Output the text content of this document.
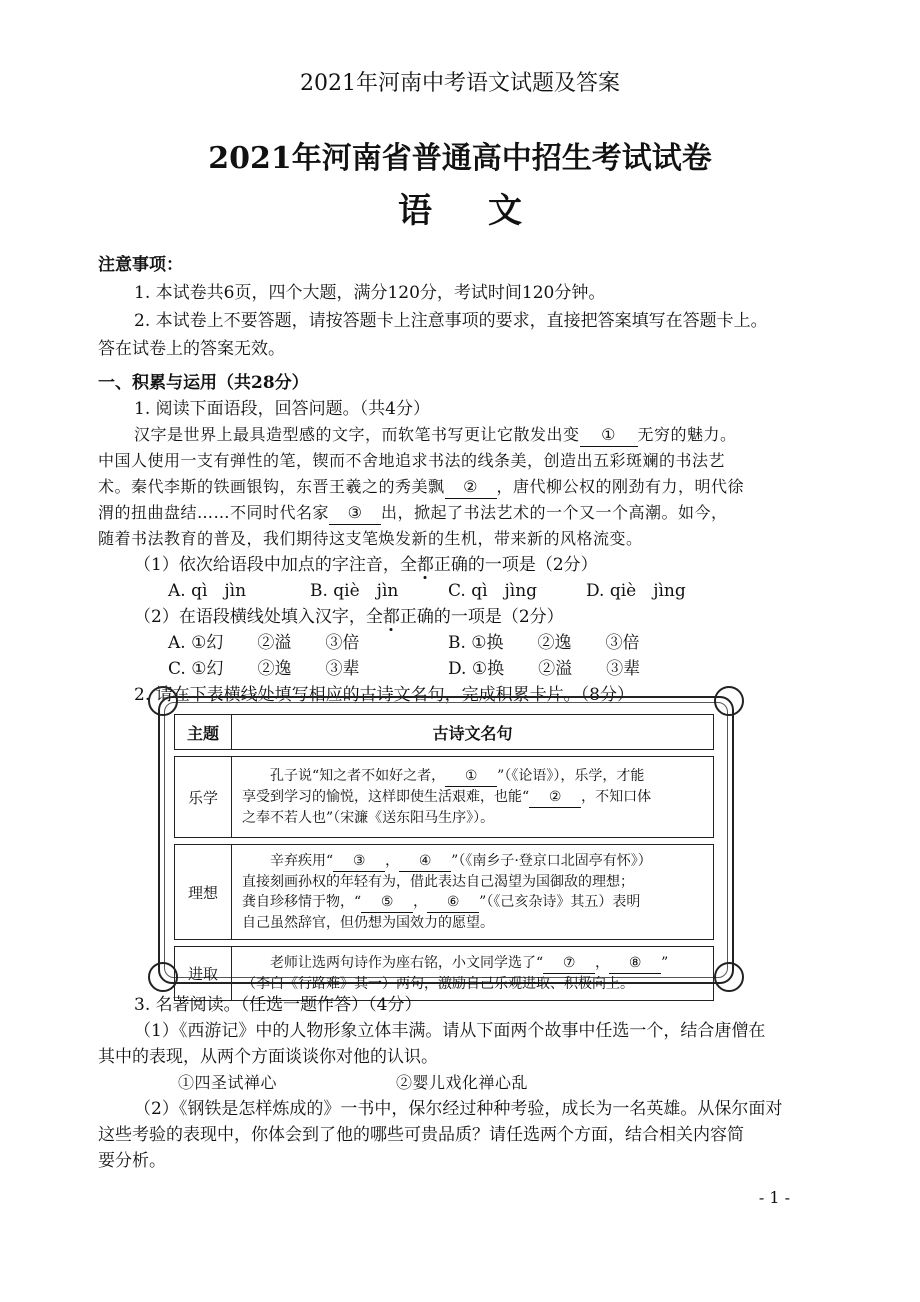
2021年河南中考语文试题及答案
2021年河南省普通高中招生考试试卷
语文
注意事项：
1. 本试卷共6页，四个大题，满分120分，考试时间120分钟。
2. 本试卷上不要答题，请按答题卡上注意事项的要求，直接把答案填写在答题卡上。
答在试卷上的答案无效。
一、积累与运用（共28分）
1. 阅读下面语段，回答问题。（共4分）
汉字是世界上最具造型感的文字，而软笔书写更让它散发出变 ① 无穷的魅力。
中国人使用一支有弹性的笔，锲而不舍地追求书法的线条美，创造出五彩斑斓的书法艺
术。秦代李斯的铁画银钩，东晋王羲之的秀美飘 ② ，唐代柳公权的刚劲有力，明代徐
渭的扭曲盘结……不同时代名家 ③ 出，掀起了书法艺术的一个又一个高潮。如今，
随着书法教育的普及，我们期待这支笔焕发新的生机，带来新的风格流变。
（1）依次给语段中加点的字注音，全都正确的一项是（2分）
A. qì　jìn	B. qiè　jìn	C. qì　jìng	D. qiè　jìng
（2）在语段横线处填入汉字，全都正确的一项是（2分）
A. ①幻　　②溢　　③倍	B. ①换　　②逸　　③倍
C. ①幻　　②逸　　③辈	D. ①换　　②溢　　③辈
2. 请在下表横线处填写相应的古诗文名句，完成积累卡片。（8分）
主题	古诗文名句

乐学	孔子说“知之者不如好之者， ① ”（《论语》），乐学，才能
享受到学习的愉悦，这样即使生活艰难，也能“ ② ，不知口体
之奉不若人也”（宋濂《送东阳马生序》）。

理想	辛弃疾用“ ③ ， ④ ”（《南乡子·登京口北固亭有怀》）
直接刻画孙权的年轻有为，借此表达自己渴望为国御敌的理想；
龚自珍移情于物，“ ⑤ ， ⑥ ”（《己亥杂诗》其五）表明
自己虽然辞官，但仍想为国效力的愿望。

进取	老师让选两句诗作为座右铭，小文同学选了“ ⑦ ， ⑧ ”
（李白《行路难》其一）两句，激励自己乐观进取、积极向上。
3. 名著阅读。（任选一题作答）（4分）
（1）《西游记》中的人物形象立体丰满。请从下面两个故事中任选一个，结合唐僧在
其中的表现，从两个方面谈谈你对他的认识。
①四圣试禅心	②婴儿戏化禅心乱
（2）《钢铁是怎样炼成的》一书中，保尔经过种种考验，成长为一名英雄。从保尔面对
这些考验的表现中，你体会到了他的哪些可贵品质？请任选两个方面，结合相关内容简
要分析。
- 1 -
